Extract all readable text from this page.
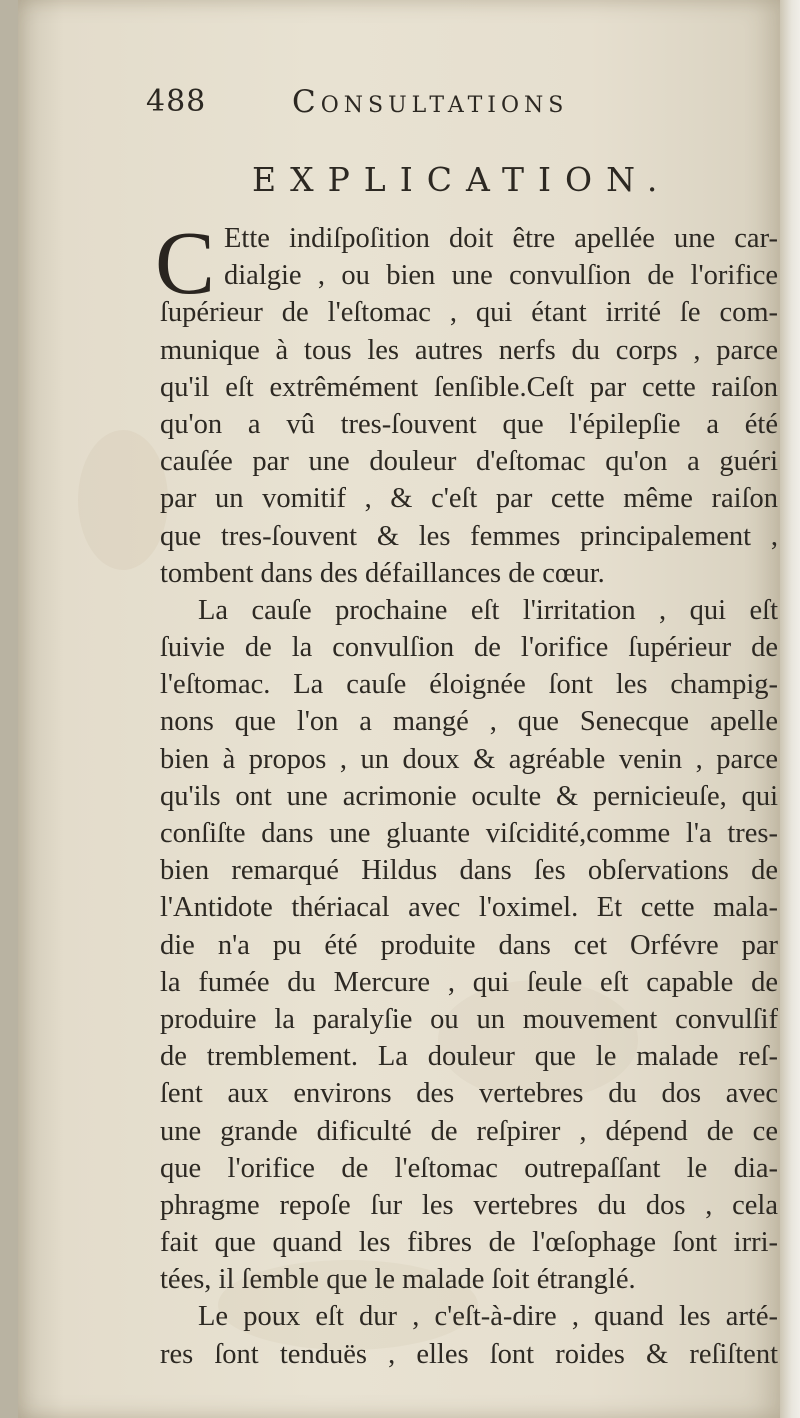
488	Consultations
EXPLICATION.
C Ette indiſpoſition doit être apellée une car-
dialgie , ou bien une convulſion de l'orifice
ſupérieur de l'eſtomac , qui étant irrité ſe com-
munique à tous les autres nerfs du corps , parce
qu'il eſt extrêmément ſenſible.Ceſt par cette raiſon
qu'on a vû tres-ſouvent que l'épilepſie a été
cauſée par une douleur d'eſtomac qu'on a guéri
par un vomitif , & c'eſt par cette même raiſon
que tres-ſouvent & les femmes principalement ,
tombent dans des défaillances de cœur.
La cauſe prochaine eſt l'irritation , qui eſt
ſuivie de la convulſion de l'orifice ſupérieur de
l'eſtomac. La cauſe éloignée ſont les champig-
nons que l'on a mangé , que Senecque apelle
bien à propos , un doux & agréable venin , parce
qu'ils ont une acrimonie oculte & pernicieuſe, qui
conſiſte dans une gluante viſcidité,comme l'a tres-
bien remarqué Hildus dans ſes obſervations de
l'Antidote thériacal avec l'oximel. Et cette mala-
die n'a pu été produite dans cet Orfévre par
la fumée du Mercure , qui ſeule eſt capable de
produire la paralyſie ou un mouvement convulſif
de tremblement. La douleur que le malade reſ-
ſent aux environs des vertebres du dos avec
une grande dificulté de reſpirer , dépend de ce
que l'orifice de l'eſtomac outrepaſſant le dia-
phragme repoſe ſur les vertebres du dos , cela
fait que quand les fibres de l'œſophage ſont irri-
tées, il ſemble que le malade ſoit étranglé.
Le poux eſt dur , c'eſt-à-dire , quand les arté-
res ſont tenduës , elles ſont roides & reſiſtent
